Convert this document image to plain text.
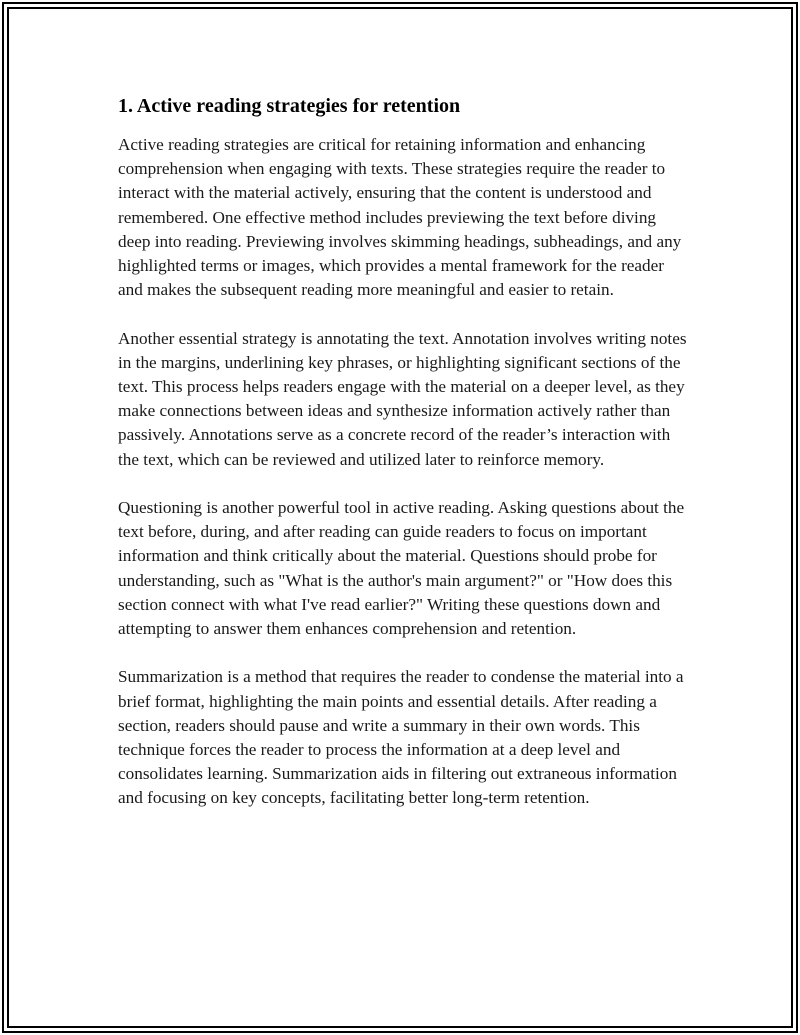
1. Active reading strategies for retention

Active reading strategies are critical for retaining information and enhancing comprehension when engaging with texts. These strategies require the reader to interact with the material actively, ensuring that the content is understood and remembered. One effective method includes previewing the text before diving deep into reading. Previewing involves skimming headings, subheadings, and any highlighted terms or images, which provides a mental framework for the reader and makes the subsequent reading more meaningful and easier to retain.

Another essential strategy is annotating the text. Annotation involves writing notes in the margins, underlining key phrases, or highlighting significant sections of the text. This process helps readers engage with the material on a deeper level, as they make connections between ideas and synthesize information actively rather than passively. Annotations serve as a concrete record of the reader’s interaction with the text, which can be reviewed and utilized later to reinforce memory.

Questioning is another powerful tool in active reading. Asking questions about the text before, during, and after reading can guide readers to focus on important information and think critically about the material. Questions should probe for understanding, such as "What is the author's main argument?" or "How does this section connect with what I've read earlier?" Writing these questions down and attempting to answer them enhances comprehension and retention.

Summarization is a method that requires the reader to condense the material into a brief format, highlighting the main points and essential details. After reading a section, readers should pause and write a summary in their own words. This technique forces the reader to process the information at a deep level and consolidates learning. Summarization aids in filtering out extraneous information and focusing on key concepts, facilitating better long-term retention.
